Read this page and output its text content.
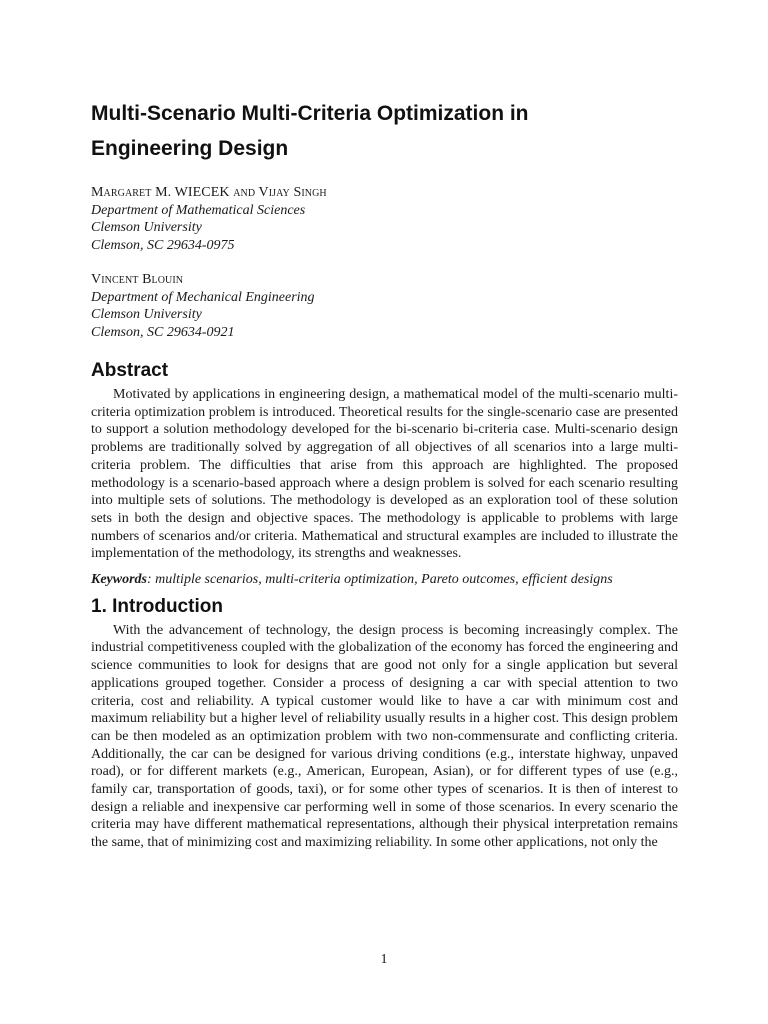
Multi-Scenario Multi-Criteria Optimization in
Engineering Design
Margaret M. WIECEK and Vijay Singh
Department of Mathematical Sciences
Clemson University
Clemson, SC 29634-0975
Vincent Blouin
Department of Mechanical Engineering
Clemson University
Clemson, SC 29634-0921
Abstract

Motivated by applications in engineering design, a mathematical model of the multi-scenario multi-criteria optimization problem is introduced. Theoretical results for the single-scenario case are presented to support a solution methodology developed for the bi-scenario bi-criteria case. Multi-scenario design problems are traditionally solved by aggregation of all objectives of all scenarios into a large multi-criteria problem. The difficulties that arise from this approach are highlighted. The proposed methodology is a scenario-based approach where a design problem is solved for each scenario resulting into multiple sets of solutions. The methodology is developed as an exploration tool of these solution sets in both the design and objective spaces. The methodology is applicable to problems with large numbers of scenarios and/or criteria. Mathematical and structural examples are included to illustrate the implementation of the methodology, its strengths and weaknesses.

Keywords: multiple scenarios, multi-criteria optimization, Pareto outcomes, efficient designs

1. Introduction

With the advancement of technology, the design process is becoming increasingly complex. The industrial competitiveness coupled with the globalization of the economy has forced the engineering and science communities to look for designs that are good not only for a single application but several applications grouped together. Consider a process of designing a car with special attention to two criteria, cost and reliability. A typical customer would like to have a car with minimum cost and maximum reliability but a higher level of reliability usually results in a higher cost. This design problem can be then modeled as an optimization problem with two non-commensurate and conflicting criteria. Additionally, the car can be designed for various driving conditions (e.g., interstate highway, unpaved road), or for different markets (e.g., American, European, Asian), or for different types of use (e.g., family car, transportation of goods, taxi), or for some other types of scenarios. It is then of interest to design a reliable and inexpensive car performing well in some of those scenarios. In every scenario the criteria may have different mathematical representations, although their physical interpretation remains the same, that of minimizing cost and maximizing reliability. In some other applications, not only the

1
